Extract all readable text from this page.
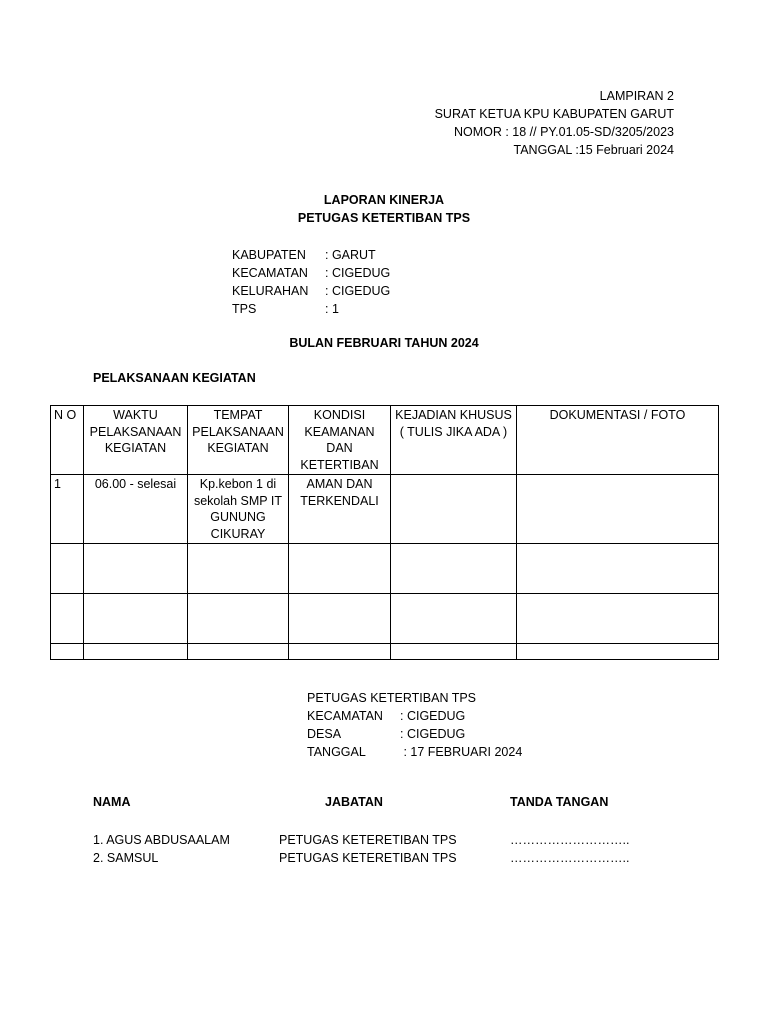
LAMPIRAN 2
SURAT KETUA KPU KABUPATEN GARUT
NOMOR : 18 // PY.01.05-SD/3205/2023
TANGGAL :15 Februari 2024
LAPORAN KINERJA
PETUGAS KETERTIBAN TPS
KABUPATEN	: GARUT
KECAMATAN	: CIGEDUG
KELURAHAN	: CIGEDUG
TPS	: 1
BULAN FEBRUARI TAHUN 2024
PELAKSANAAN KEGIATAN
N O	WAKTU PELAKSANAAN KEGIATAN	TEMPAT PELAKSANAAN KEGIATAN	KONDISI KEAMANAN DAN KETERTIBAN	KEJADIAN KHUSUS ( TULIS JIKA ADA )	DOKUMENTASI / FOTO
1	06.00 - selesai	Kp.kebon 1 di sekolah SMP IT GUNUNG CIKURAY	AMAN DAN TERKENDALI		

PETUGAS KETERTIBAN TPS
KECAMATAN	: CIGEDUG
DESA	: CIGEDUG
TANGGAL	: 17 FEBRUARI 2024
NAMA	JABATAN	TANDA TANGAN
1. AGUS ABDUSAALAM	PETUGAS KETERETIBAN TPS	………………………..
2. SAMSUL	PETUGAS KETERETIBAN TPS	………………………..
